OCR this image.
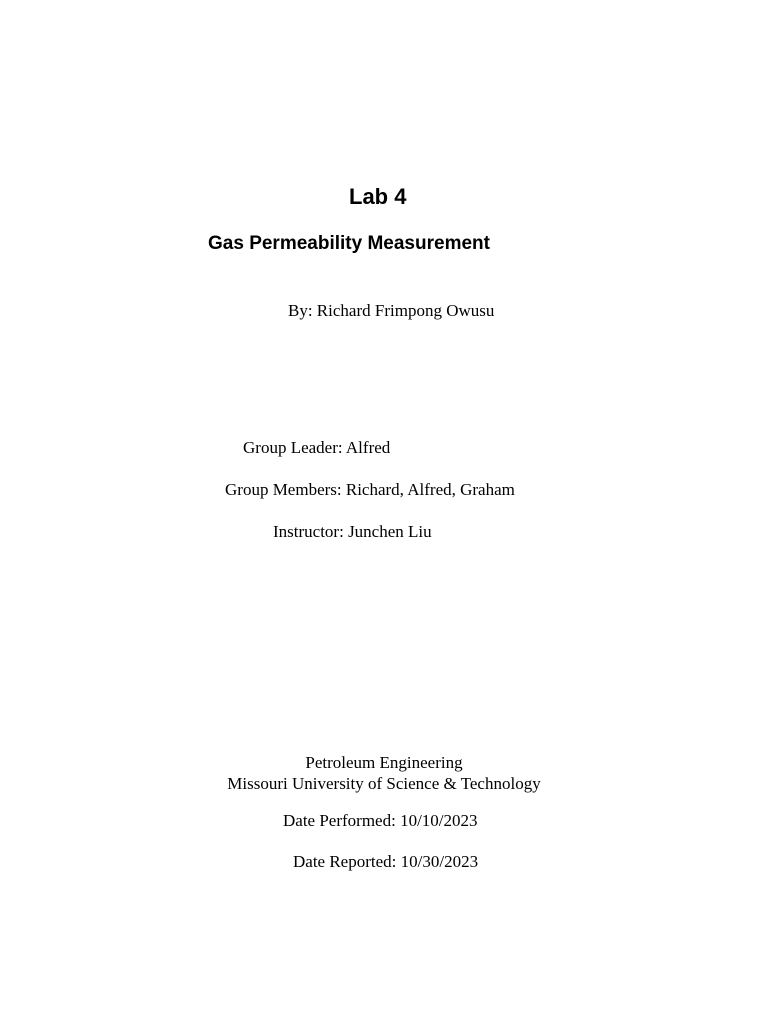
Lab 4
Gas Permeability Measurement
By: Richard Frimpong Owusu
Group Leader: Alfred
Group Members: Richard, Alfred, Graham
Instructor: Junchen Liu
Petroleum Engineering
Missouri University of Science & Technology
Date Performed: 10/10/2023
Date Reported: 10/30/2023
